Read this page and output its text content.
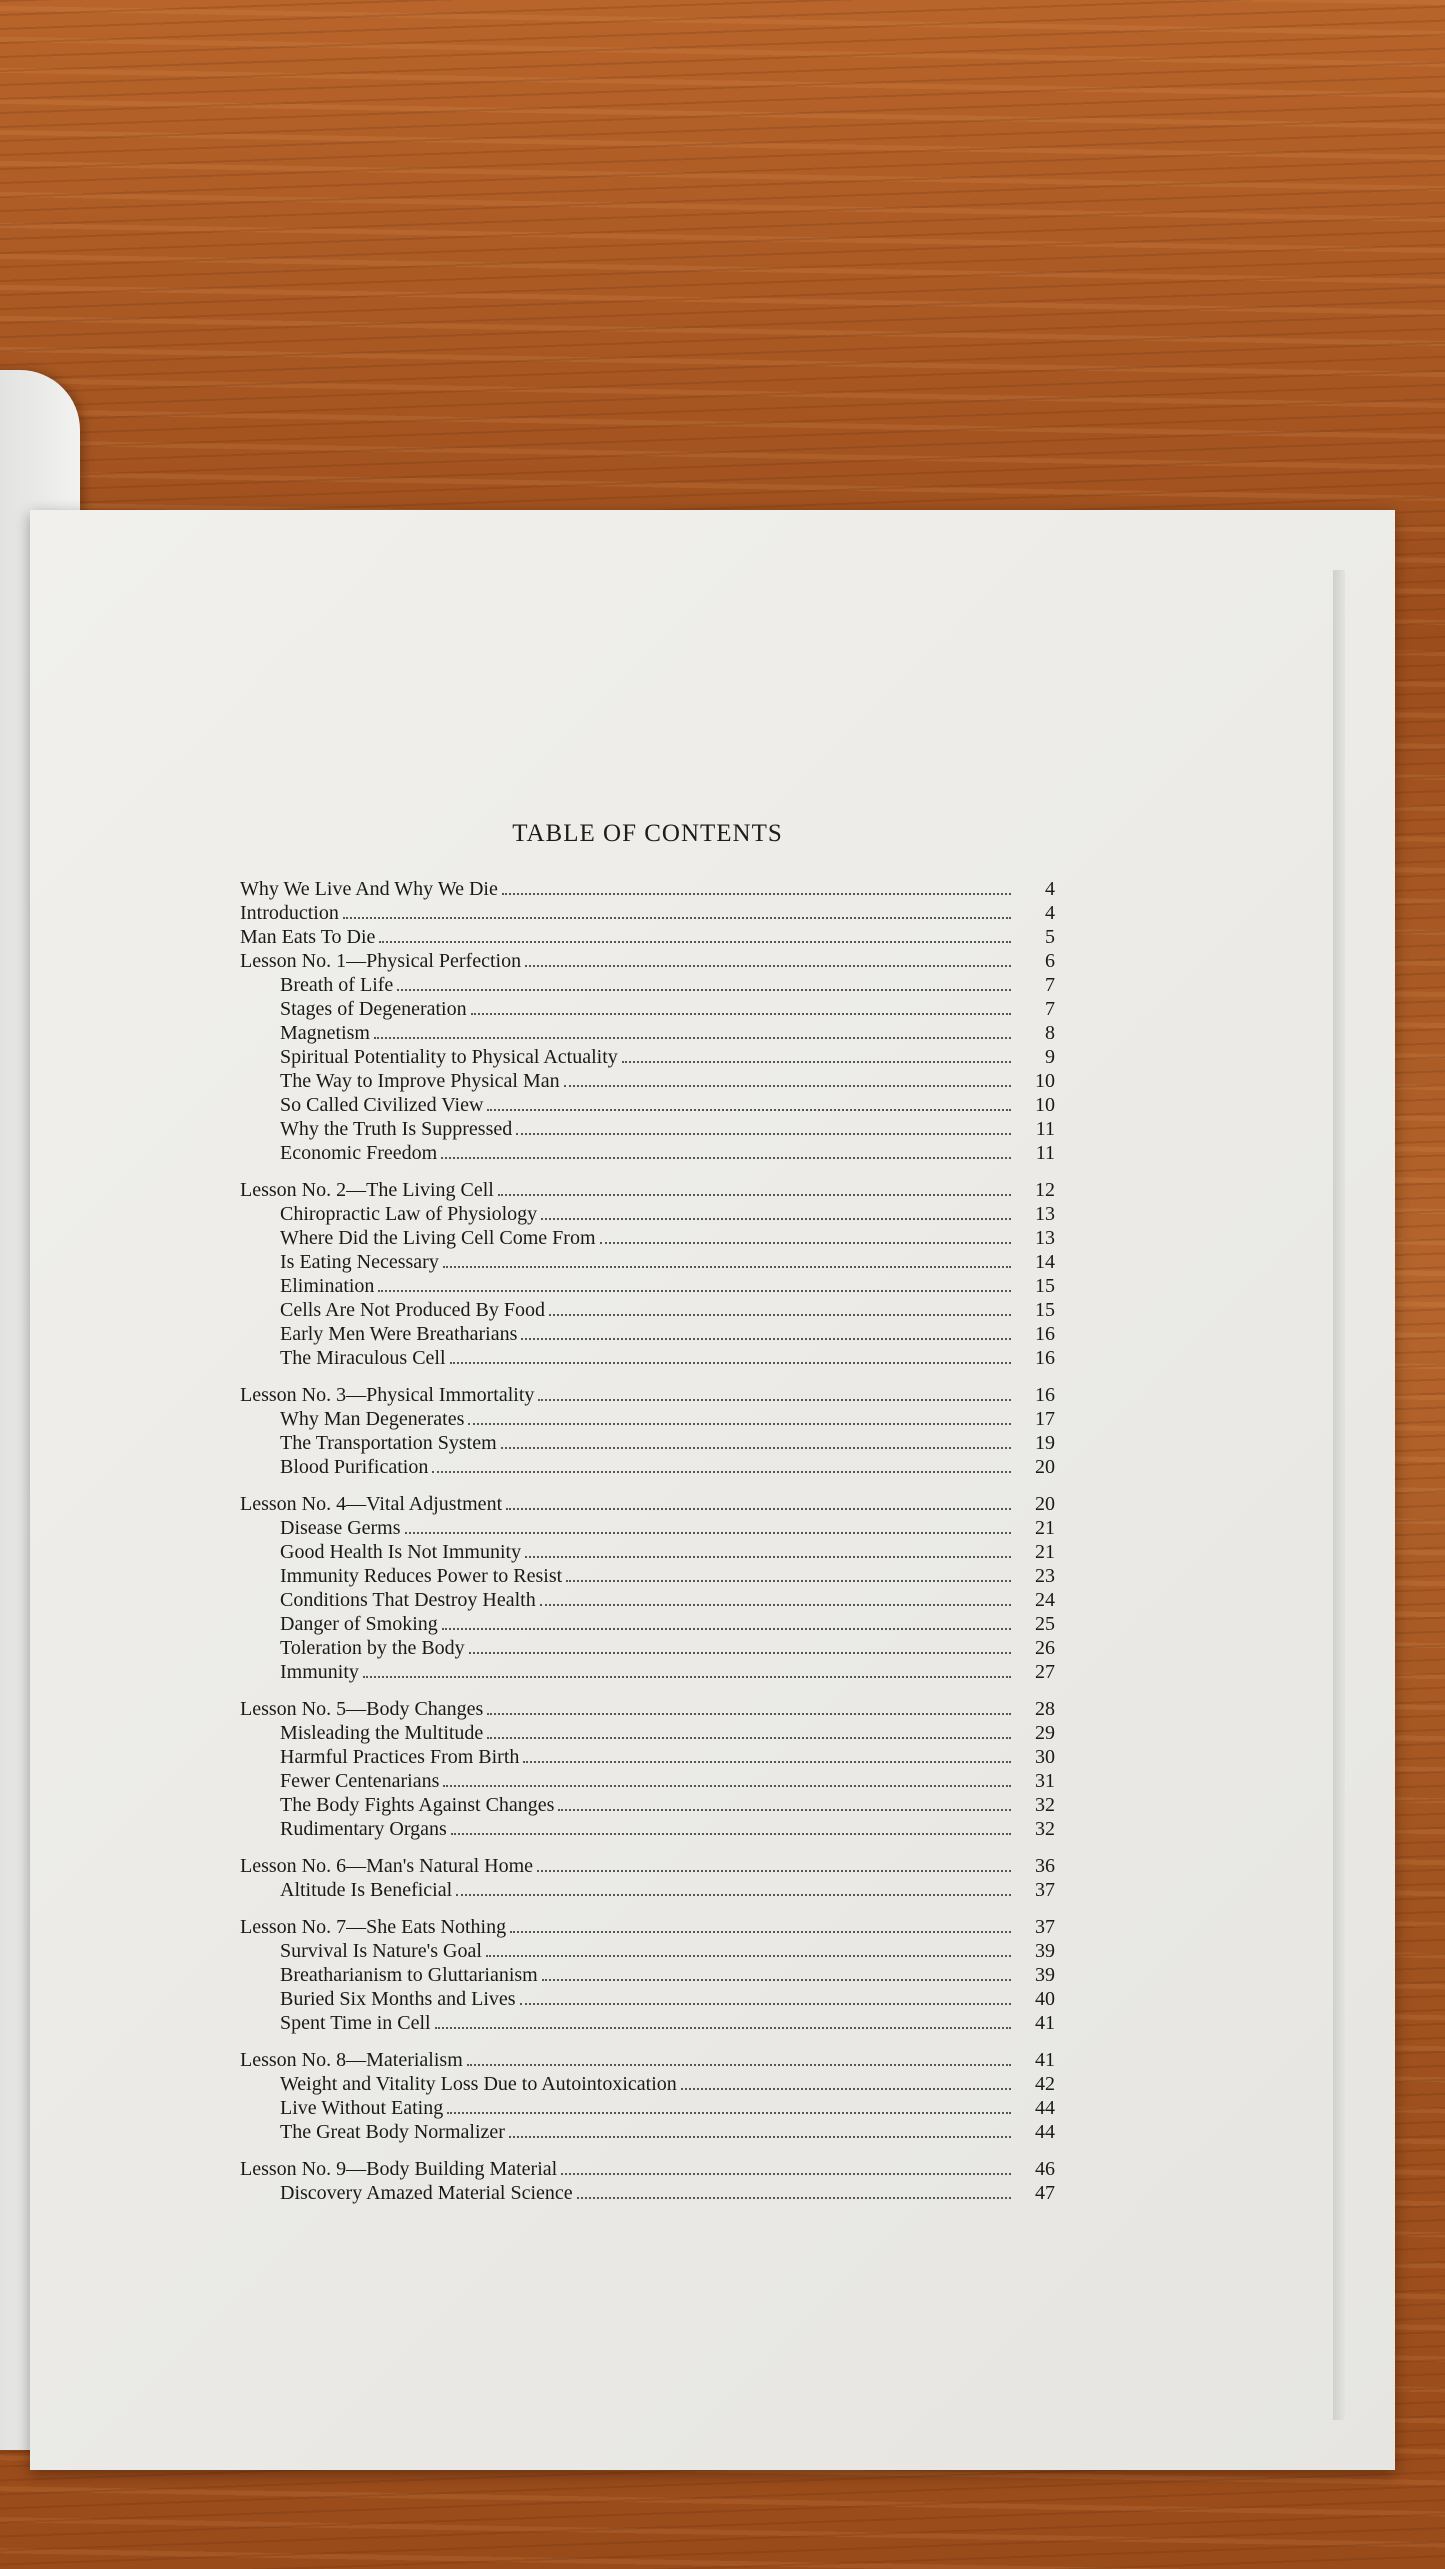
TABLE OF CONTENTS
Why We Live And Why We Die	4
Introduction	4
Man Eats To Die	5
Lesson No. 1—Physical Perfection	6
Breath of Life	7
Stages of Degeneration	7
Magnetism	8
Spiritual Potentiality to Physical Actuality	9
The Way to Improve Physical Man	10
So Called Civilized View	10
Why the Truth Is Suppressed	11
Economic Freedom	11
Lesson No. 2—The Living Cell	12
Chiropractic Law of Physiology	13
Where Did the Living Cell Come From	13
Is Eating Necessary	14
Elimination	15
Cells Are Not Produced By Food	15
Early Men Were Breatharians	16
The Miraculous Cell	16
Lesson No. 3—Physical Immortality	16
Why Man Degenerates	17
The Transportation System	19
Blood Purification	20
Lesson No. 4—Vital Adjustment	20
Disease Germs	21
Good Health Is Not Immunity	21
Immunity Reduces Power to Resist	23
Conditions That Destroy Health	24
Danger of Smoking	25
Toleration by the Body	26
Immunity	27
Lesson No. 5—Body Changes	28
Misleading the Multitude	29
Harmful Practices From Birth	30
Fewer Centenarians	31
The Body Fights Against Changes	32
Rudimentary Organs	32
Lesson No. 6—Man's Natural Home	36
Altitude Is Beneficial	37
Lesson No. 7—She Eats Nothing	37
Survival Is Nature's Goal	39
Breatharianism to Gluttarianism	39
Buried Six Months and Lives	40
Spent Time in Cell	41
Lesson No. 8—Materialism	41
Weight and Vitality Loss Due to Autointoxication	42
Live Without Eating	44
The Great Body Normalizer	44
Lesson No. 9—Body Building Material	46
Discovery Amazed Material Science	47
